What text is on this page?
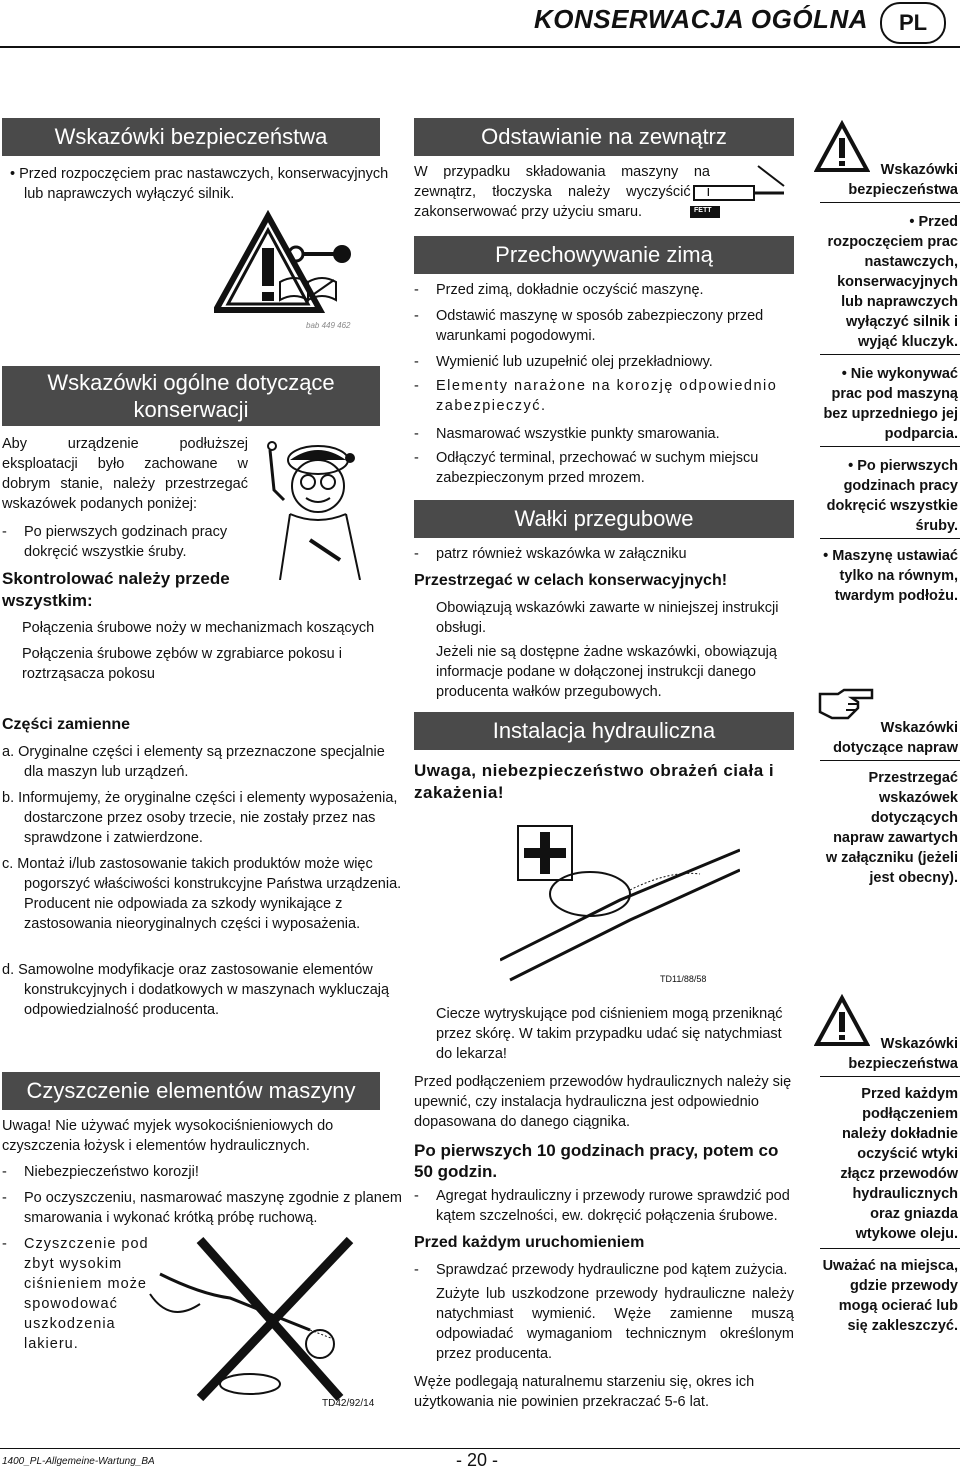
KONSERWACJA OGÓLNA	PL
Wskazówki bezpieczeństwa
• Przed rozpoczęciem prac nastawczych, konserwacyjnych lub naprawczych wyłączyć silnik.
bab 449 462
Wskazówki ogólne dotyczące konserwacji
Aby urządzenie podłuższej eksploatacji było zachowane w dobrym stanie, należy przestrzegać wskazówek podanych poniżej:
- Po pierwszych godzinach pracy dokręcić wszystkie śruby.
Skontrolować należy przede wszystkim:
Połączenia śrubowe noży w mechanizmach koszących
Połączenia śrubowe zębów w zgrabiarce pokosu i roztrząsacza pokosu
Części zamienne
a. Oryginalne części i elementy są przeznaczone specjalnie dla maszyn lub urządzeń.
b. Informujemy, że oryginalne części i elementy wyposażenia, dostarczone przez osoby trzecie, nie zostały przez nas sprawdzone i zatwierdzone.
c. Montaż i/lub zastosowanie takich produktów może więc pogorszyć właściwości konstrukcyjne Państwa urządzenia. Producent nie odpowiada za szkody wynikające z zastosowania nieoryginalnych części i wyposażenia.
d. Samowolne modyfikacje oraz zastosowanie elementów konstrukcyjnych i dodatkowych w maszynach wykluczają odpowiedzialność producenta.
Czyszczenie elementów maszyny
Uwaga! Nie używać myjek wysokociśnieniowych do czyszczenia łożysk i elementów hydraulicznych.
- Niebezpieczeństwo korozji!
- Po oczyszczeniu, nasmarować maszynę zgodnie z planem smarowania i wykonać krótką próbę ruchową.
- Czyszczenie pod zbyt wysokim ciśnieniem może spowodować uszkodzenia lakieru.
TD42/92/14
Odstawianie na zewnątrz
W przypadku składowania maszyny na zewnątrz, tłoczyska należy wyczyścić i zakonserwować przy użyciu smaru.	FETT
Przechowywanie zimą
- Przed zimą, dokładnie oczyścić maszynę.
- Odstawić maszynę w sposób zabezpieczony przed warunkami pogodowymi.
- Wymienić lub uzupełnić olej przekładniowy.
- Elementy narażone na korozję odpowiednio zabezpieczyć.
- Nasmarować wszystkie punkty smarowania.
- Odłączyć terminal, przechować w suchym miejscu zabezpieczonym przed mrozem.
Wałki przegubowe
- patrz również wskazówka w załączniku
Przestrzegać w celach konserwacyjnych!
Obowiązują wskazówki zawarte w niniejszej instrukcji obsługi.
Jeżeli nie są dostępne żadne wskazówki, obowiązują informacje podane w dołączonej instrukcji danego producenta wałków przegubowych.
Instalacja hydrauliczna
Uwaga, niebezpieczeństwo obrażeń ciała i zakażenia!
TD11/88/58
Ciecze wytryskujące pod ciśnieniem mogą przeniknąć przez skórę. W takim przypadku udać się natychmiast do lekarza!
Przed podłączeniem przewodów hydraulicznych należy się upewnić, czy instalacja hydrauliczna jest odpowiednio dopasowana do danego ciągnika.
Po pierwszych 10 godzinach pracy, potem co 50 godzin.
- Agregat hydrauliczny i przewody rurowe sprawdzić pod kątem szczelności, ew. dokręcić połączenia śrubowe.
Przed każdym uruchomieniem
- Sprawdzać przewody hydrauliczne pod kątem zużycia.
Zużyte lub uszkodzone przewody hydrauliczne należy natychmiast wymienić. Węże zamienne muszą odpowiadać wymaganiom technicznym określonym przez producenta.
Węże podlegają naturalnemu starzeniu się, okres ich użytkowania nie powinien przekraczać 5-6 lat.
Wskazówki bezpieczeństwa
• Przed rozpoczęciem prac nastawczych, konserwacyjnych lub naprawczych wyłączyć silnik i wyjąć kluczyk.
• Nie wykonywać prac pod maszyną bez uprzedniego jej podparcia.
• Po pierwszych godzinach pracy dokręcić wszystkie śruby.
• Maszynę ustawiać tylko na równym, twardym podłożu.
Wskazówki dotyczące napraw
Przestrzegać wskazówek dotyczących napraw zawartych w załączniku (jeżeli jest obecny).
Wskazówki bezpieczeństwa
Przed każdym podłączeniem należy dokładnie oczyścić wtyki złącz przewodów hydraulicznych oraz gniazda wtykowe oleju.
Uważać na miejsca, gdzie przewody mogą ocierać lub się zakleszczyć.
1400_PL-Allgemeine-Wartung_BA	- 20 -
